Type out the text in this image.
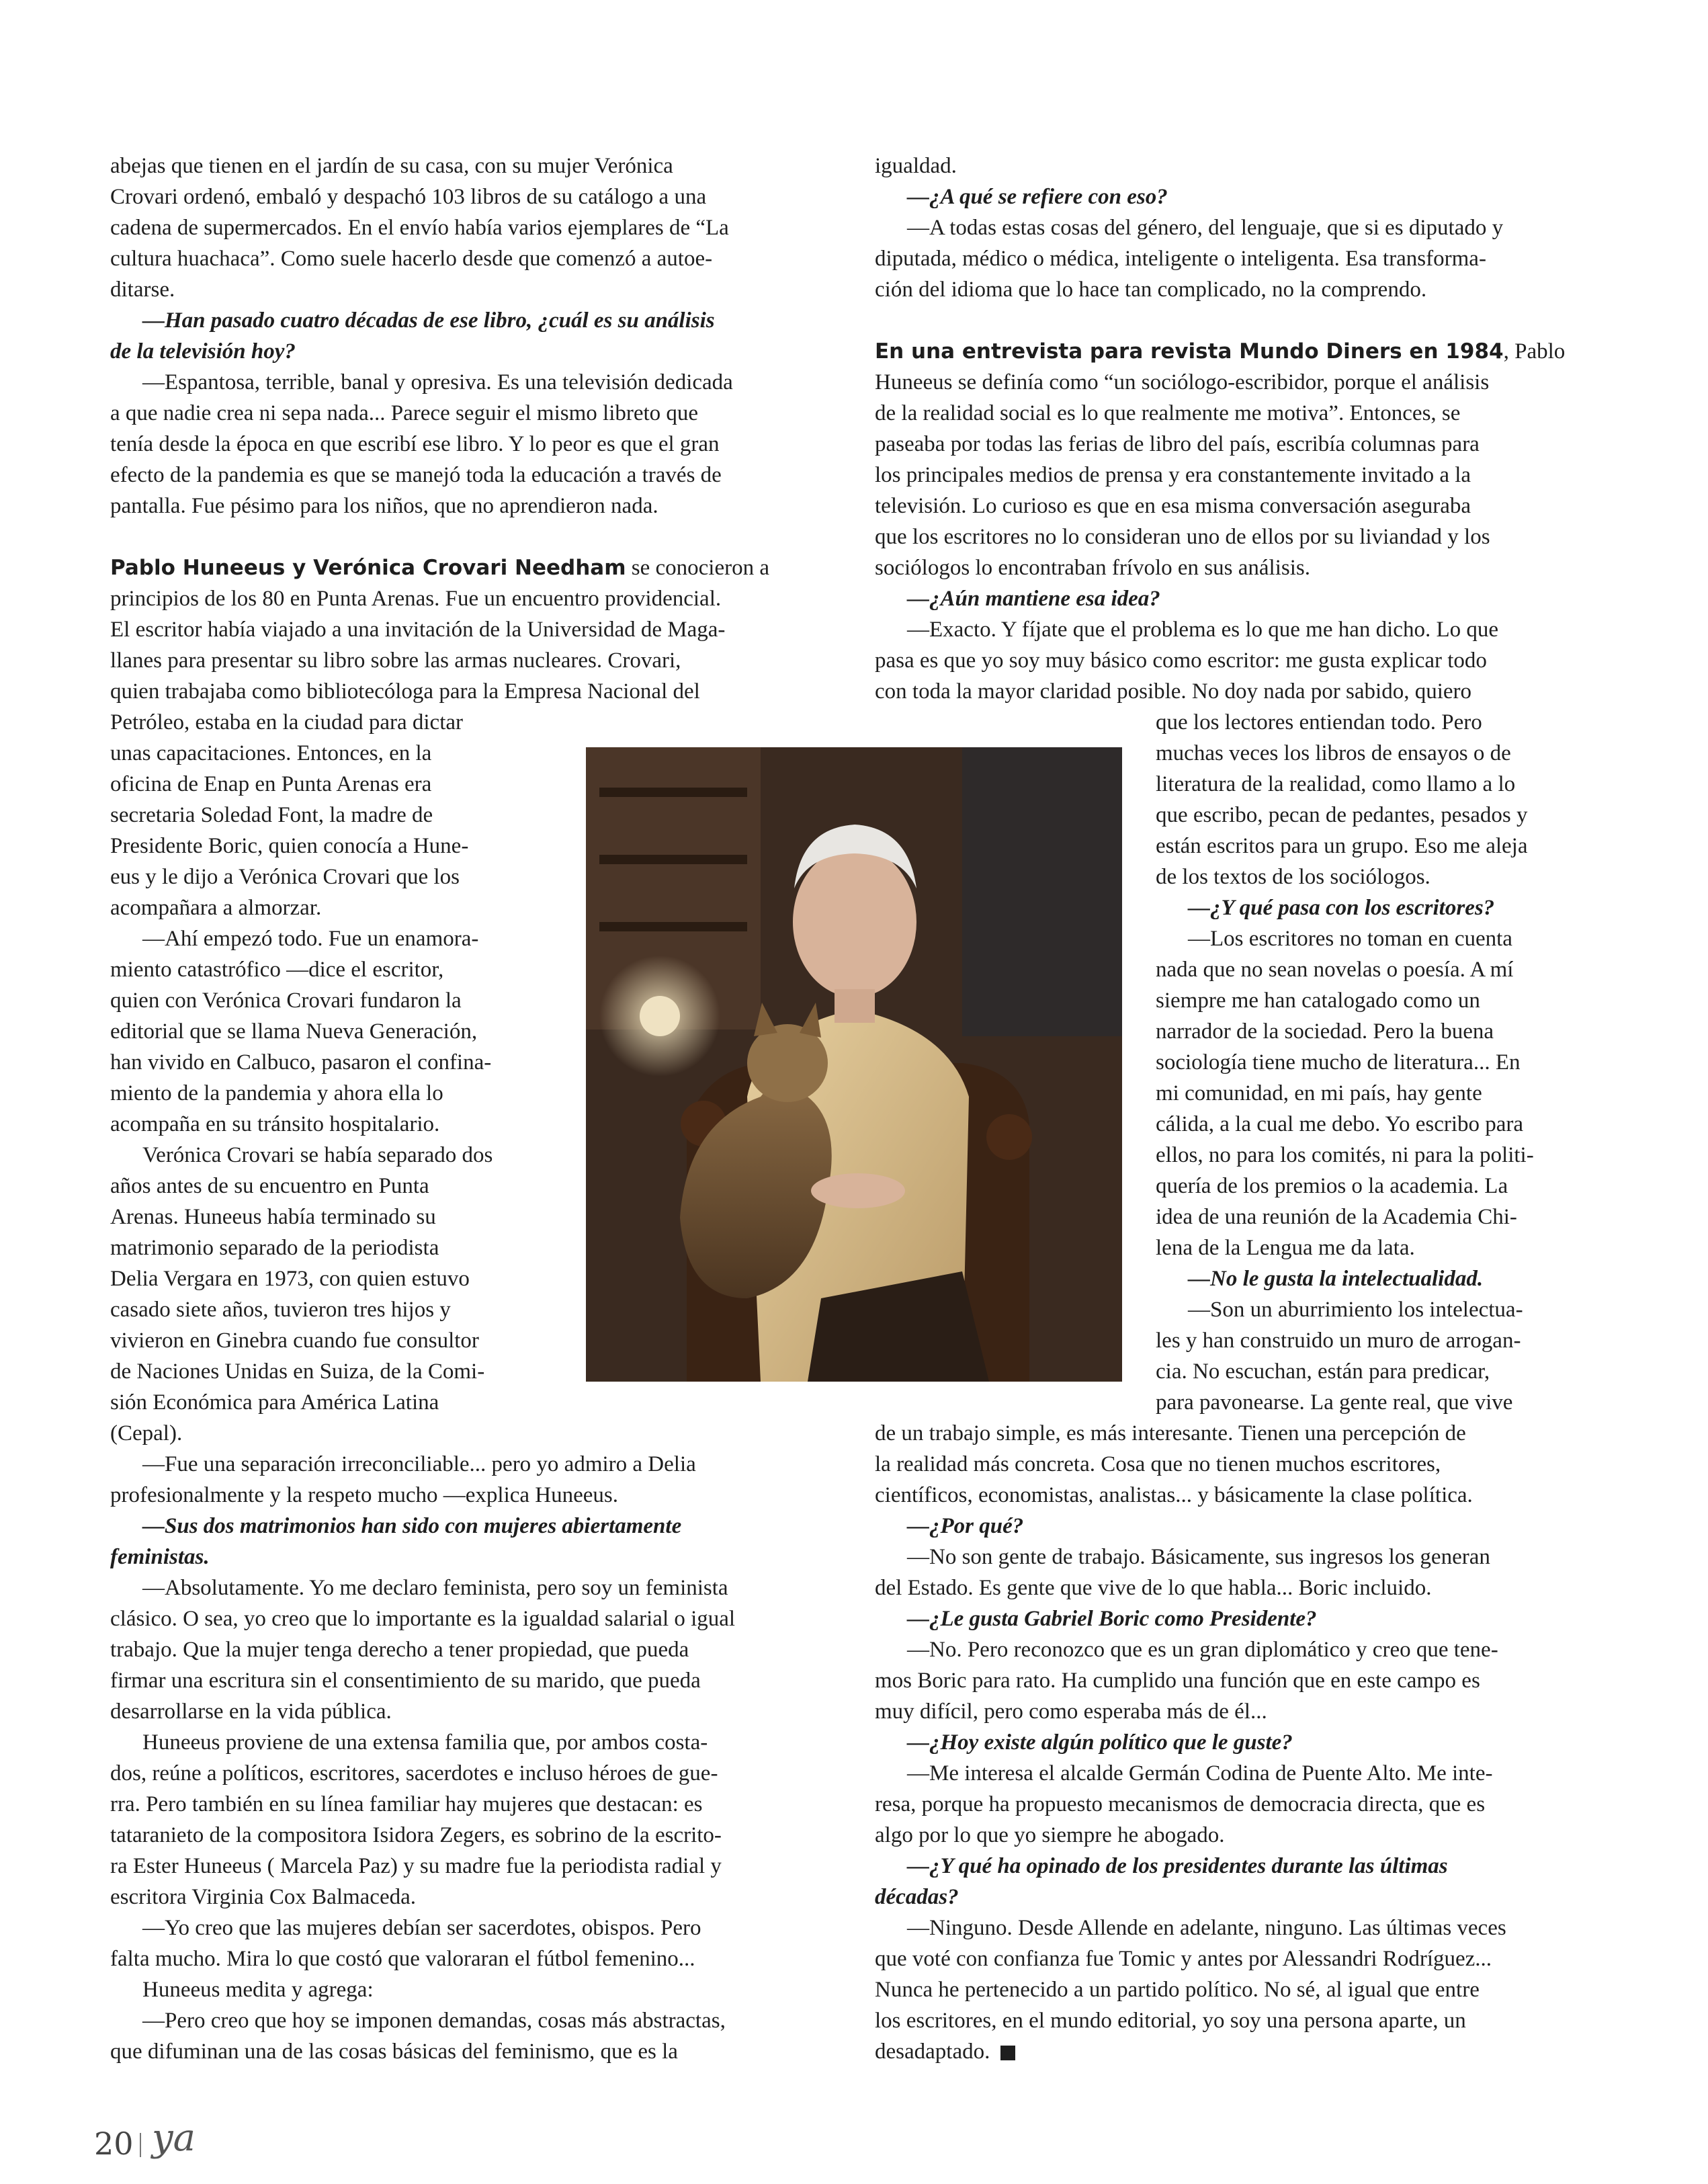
abejas que tienen en el jardín de su casa, con su mujer Verónica
Crovari ordenó, embaló y despachó 103 libros de su catálogo a una
cadena de supermercados. En el envío había varios ejemplares de “La
cultura huachaca”. Como suele hacerlo desde que comenzó a autoe-
ditarse.
—Han pasado cuatro décadas de ese libro, ¿cuál es su análisis
de la televisión hoy?
—Espantosa, terrible, banal y opresiva. Es una televisión dedicada
a que nadie crea ni sepa nada... Parece seguir el mismo libreto que
tenía desde la época en que escribí ese libro. Y lo peor es que el gran
efecto de la pandemia es que se manejó toda la educación a través de
pantalla. Fue pésimo para los niños, que no aprendieron nada.
Pablo Huneeus y Verónica Crovari Needham se conocieron a
principios de los 80 en Punta Arenas. Fue un encuentro providencial.
El escritor había viajado a una invitación de la Universidad de Maga-
llanes para presentar su libro sobre las armas nucleares. Crovari,
quien trabajaba como bibliotecóloga para la Empresa Nacional del
Petróleo, estaba en la ciudad para dictar
unas capacitaciones. Entonces, en la
oficina de Enap en Punta Arenas era
secretaria Soledad Font, la madre de
Presidente Boric, quien conocía a Hune-
eus y le dijo a Verónica Crovari que los
acompañara a almorzar.
—Ahí empezó todo. Fue un enamora-
miento catastrófico —dice el escritor,
quien con Verónica Crovari fundaron la
editorial que se llama Nueva Generación,
han vivido en Calbuco, pasaron el confina-
miento de la pandemia y ahora ella lo
acompaña en su tránsito hospitalario.
Verónica Crovari se había separado dos
años antes de su encuentro en Punta
Arenas. Huneeus había terminado su
matrimonio separado de la periodista
Delia Vergara en 1973, con quien estuvo
casado siete años, tuvieron tres hijos y
vivieron en Ginebra cuando fue consultor
de Naciones Unidas en Suiza, de la Comi-
sión Económica para América Latina
(Cepal).
—Fue una separación irreconciliable... pero yo admiro a Delia
profesionalmente y la respeto mucho —explica Huneeus.
—Sus dos matrimonios han sido con mujeres abiertamente
feministas.
—Absolutamente. Yo me declaro feminista, pero soy un feminista
clásico. O sea, yo creo que lo importante es la igualdad salarial o igual
trabajo. Que la mujer tenga derecho a tener propiedad, que pueda
firmar una escritura sin el consentimiento de su marido, que pueda
desarrollarse en la vida pública.
Huneeus proviene de una extensa familia que, por ambos costa-
dos, reúne a políticos, escritores, sacerdotes e incluso héroes de gue-
rra. Pero también en su línea familiar hay mujeres que destacan: es
tataranieto de la compositora Isidora Zegers, es sobrino de la escrito-
ra Ester Huneeus ( Marcela Paz) y su madre fue la periodista radial y
escritora Virginia Cox Balmaceda.
—Yo creo que las mujeres debían ser sacerdotes, obispos. Pero
falta mucho. Mira lo que costó que valoraran el fútbol femenino...
Huneeus medita y agrega:
—Pero creo que hoy se imponen demandas, cosas más abstractas,
que difuminan una de las cosas básicas del feminismo, que es la
igualdad.
—¿A qué se refiere con eso?
—A todas estas cosas del género, del lenguaje, que si es diputado y
diputada, médico o médica, inteligente o inteligenta. Esa transforma-
ción del idioma que lo hace tan complicado, no la comprendo.
En una entrevista para revista Mundo Diners en 1984, Pablo
Huneeus se definía como “un sociólogo-escribidor, porque el análisis
de la realidad social es lo que realmente me motiva”. Entonces, se
paseaba por todas las ferias de libro del país, escribía columnas para
los principales medios de prensa y era constantemente invitado a la
televisión. Lo curioso es que en esa misma conversación aseguraba
que los escritores no lo consideran uno de ellos por su liviandad y los
sociólogos lo encontraban frívolo en sus análisis.
—¿Aún mantiene esa idea?
—Exacto. Y fíjate que el problema es lo que me han dicho. Lo que
pasa es que yo soy muy básico como escritor: me gusta explicar todo
con toda la mayor claridad posible. No doy nada por sabido, quiero
que los lectores entiendan todo. Pero
muchas veces los libros de ensayos o de
literatura de la realidad, como llamo a lo
que escribo, pecan de pedantes, pesados y
están escritos para un grupo. Eso me aleja
de los textos de los sociólogos.
—¿Y qué pasa con los escritores?
—Los escritores no toman en cuenta
nada que no sean novelas o poesía. A mí
siempre me han catalogado como un
narrador de la sociedad. Pero la buena
sociología tiene mucho de literatura... En
mi comunidad, en mi país, hay gente
cálida, a la cual me debo. Yo escribo para
ellos, no para los comités, ni para la politi-
quería de los premios o la academia. La
idea de una reunión de la Academia Chi-
lena de la Lengua me da lata.
—No le gusta la intelectualidad.
—Son un aburrimiento los intelectua-
les y han construido un muro de arrogan-
cia. No escuchan, están para predicar,
para pavonearse. La gente real, que vive
de un trabajo simple, es más interesante. Tienen una percepción de
la realidad más concreta. Cosa que no tienen muchos escritores,
científicos, economistas, analistas... y básicamente la clase política.
—¿Por qué?
—No son gente de trabajo. Básicamente, sus ingresos los generan
del Estado. Es gente que vive de lo que habla... Boric incluido.
—¿Le gusta Gabriel Boric como Presidente?
—No. Pero reconozco que es un gran diplomático y creo que tene-
mos Boric para rato. Ha cumplido una función que en este campo es
muy difícil, pero como esperaba más de él...
—¿Hoy existe algún político que le guste?
—Me interesa el alcalde Germán Codina de Puente Alto. Me inte-
resa, porque ha propuesto mecanismos de democracia directa, que es
algo por lo que yo siempre he abogado.
—¿Y qué ha opinado de los presidentes durante las últimas
décadas?
—Ninguno. Desde Allende en adelante, ninguno. Las últimas veces
que voté con confianza fue Tomic y antes por Alessandri Rodríguez...
Nunca he pertenecido a un partido político. No sé, al igual que entre
los escritores, en el mundo editorial, yo soy una persona aparte, un
desadaptado.
20 ya
